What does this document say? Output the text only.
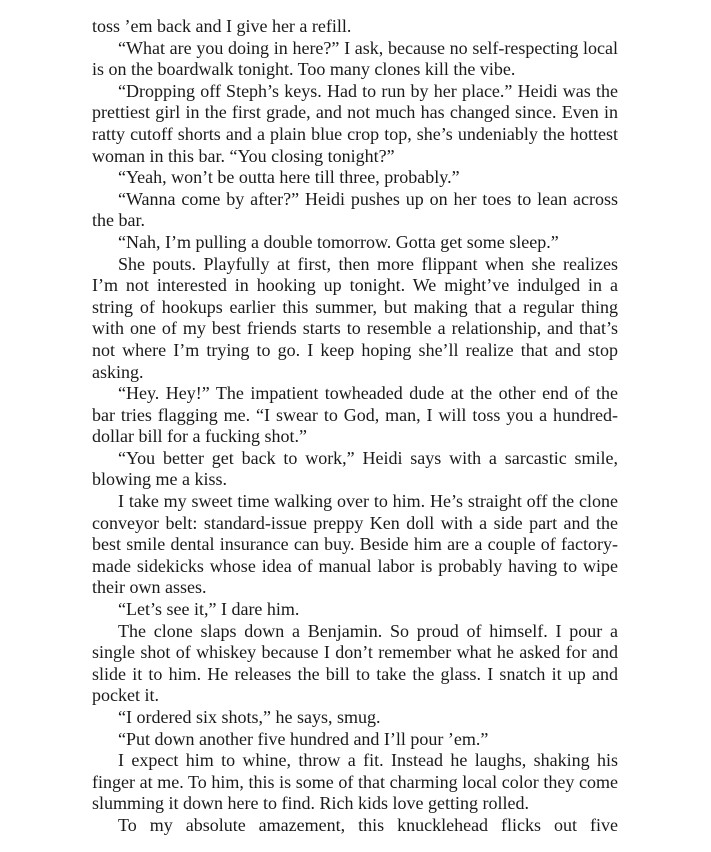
toss ’em back and I give her a refill.

“What are you doing in here?” I ask, because no self-respecting local is on the boardwalk tonight. Too many clones kill the vibe.

“Dropping off Steph’s keys. Had to run by her place.” Heidi was the prettiest girl in the first grade, and not much has changed since. Even in ratty cutoff shorts and a plain blue crop top, she’s undeniably the hottest woman in this bar. “You closing tonight?”

“Yeah, won’t be outta here till three, probably.”

“Wanna come by after?” Heidi pushes up on her toes to lean across the bar.

“Nah, I’m pulling a double tomorrow. Gotta get some sleep.”

She pouts. Playfully at first, then more flippant when she realizes I’m not interested in hooking up tonight. We might’ve indulged in a string of hookups earlier this summer, but making that a regular thing with one of my best friends starts to resemble a relationship, and that’s not where I’m trying to go. I keep hoping she’ll realize that and stop asking.

“Hey. Hey!” The impatient towheaded dude at the other end of the bar tries flagging me. “I swear to God, man, I will toss you a hundred-dollar bill for a fucking shot.”

“You better get back to work,” Heidi says with a sarcastic smile, blowing me a kiss.

I take my sweet time walking over to him. He’s straight off the clone conveyor belt: standard-issue preppy Ken doll with a side part and the best smile dental insurance can buy. Beside him are a couple of factory-made sidekicks whose idea of manual labor is probably having to wipe their own asses.

“Let’s see it,” I dare him.

The clone slaps down a Benjamin. So proud of himself. I pour a single shot of whiskey because I don’t remember what he asked for and slide it to him. He releases the bill to take the glass. I snatch it up and pocket it.

“I ordered six shots,” he says, smug.

“Put down another five hundred and I’ll pour ’em.”

I expect him to whine, throw a fit. Instead he laughs, shaking his finger at me. To him, this is some of that charming local color they come slumming it down here to find. Rich kids love getting rolled.

To my absolute amazement, this knucklehead flicks out five
